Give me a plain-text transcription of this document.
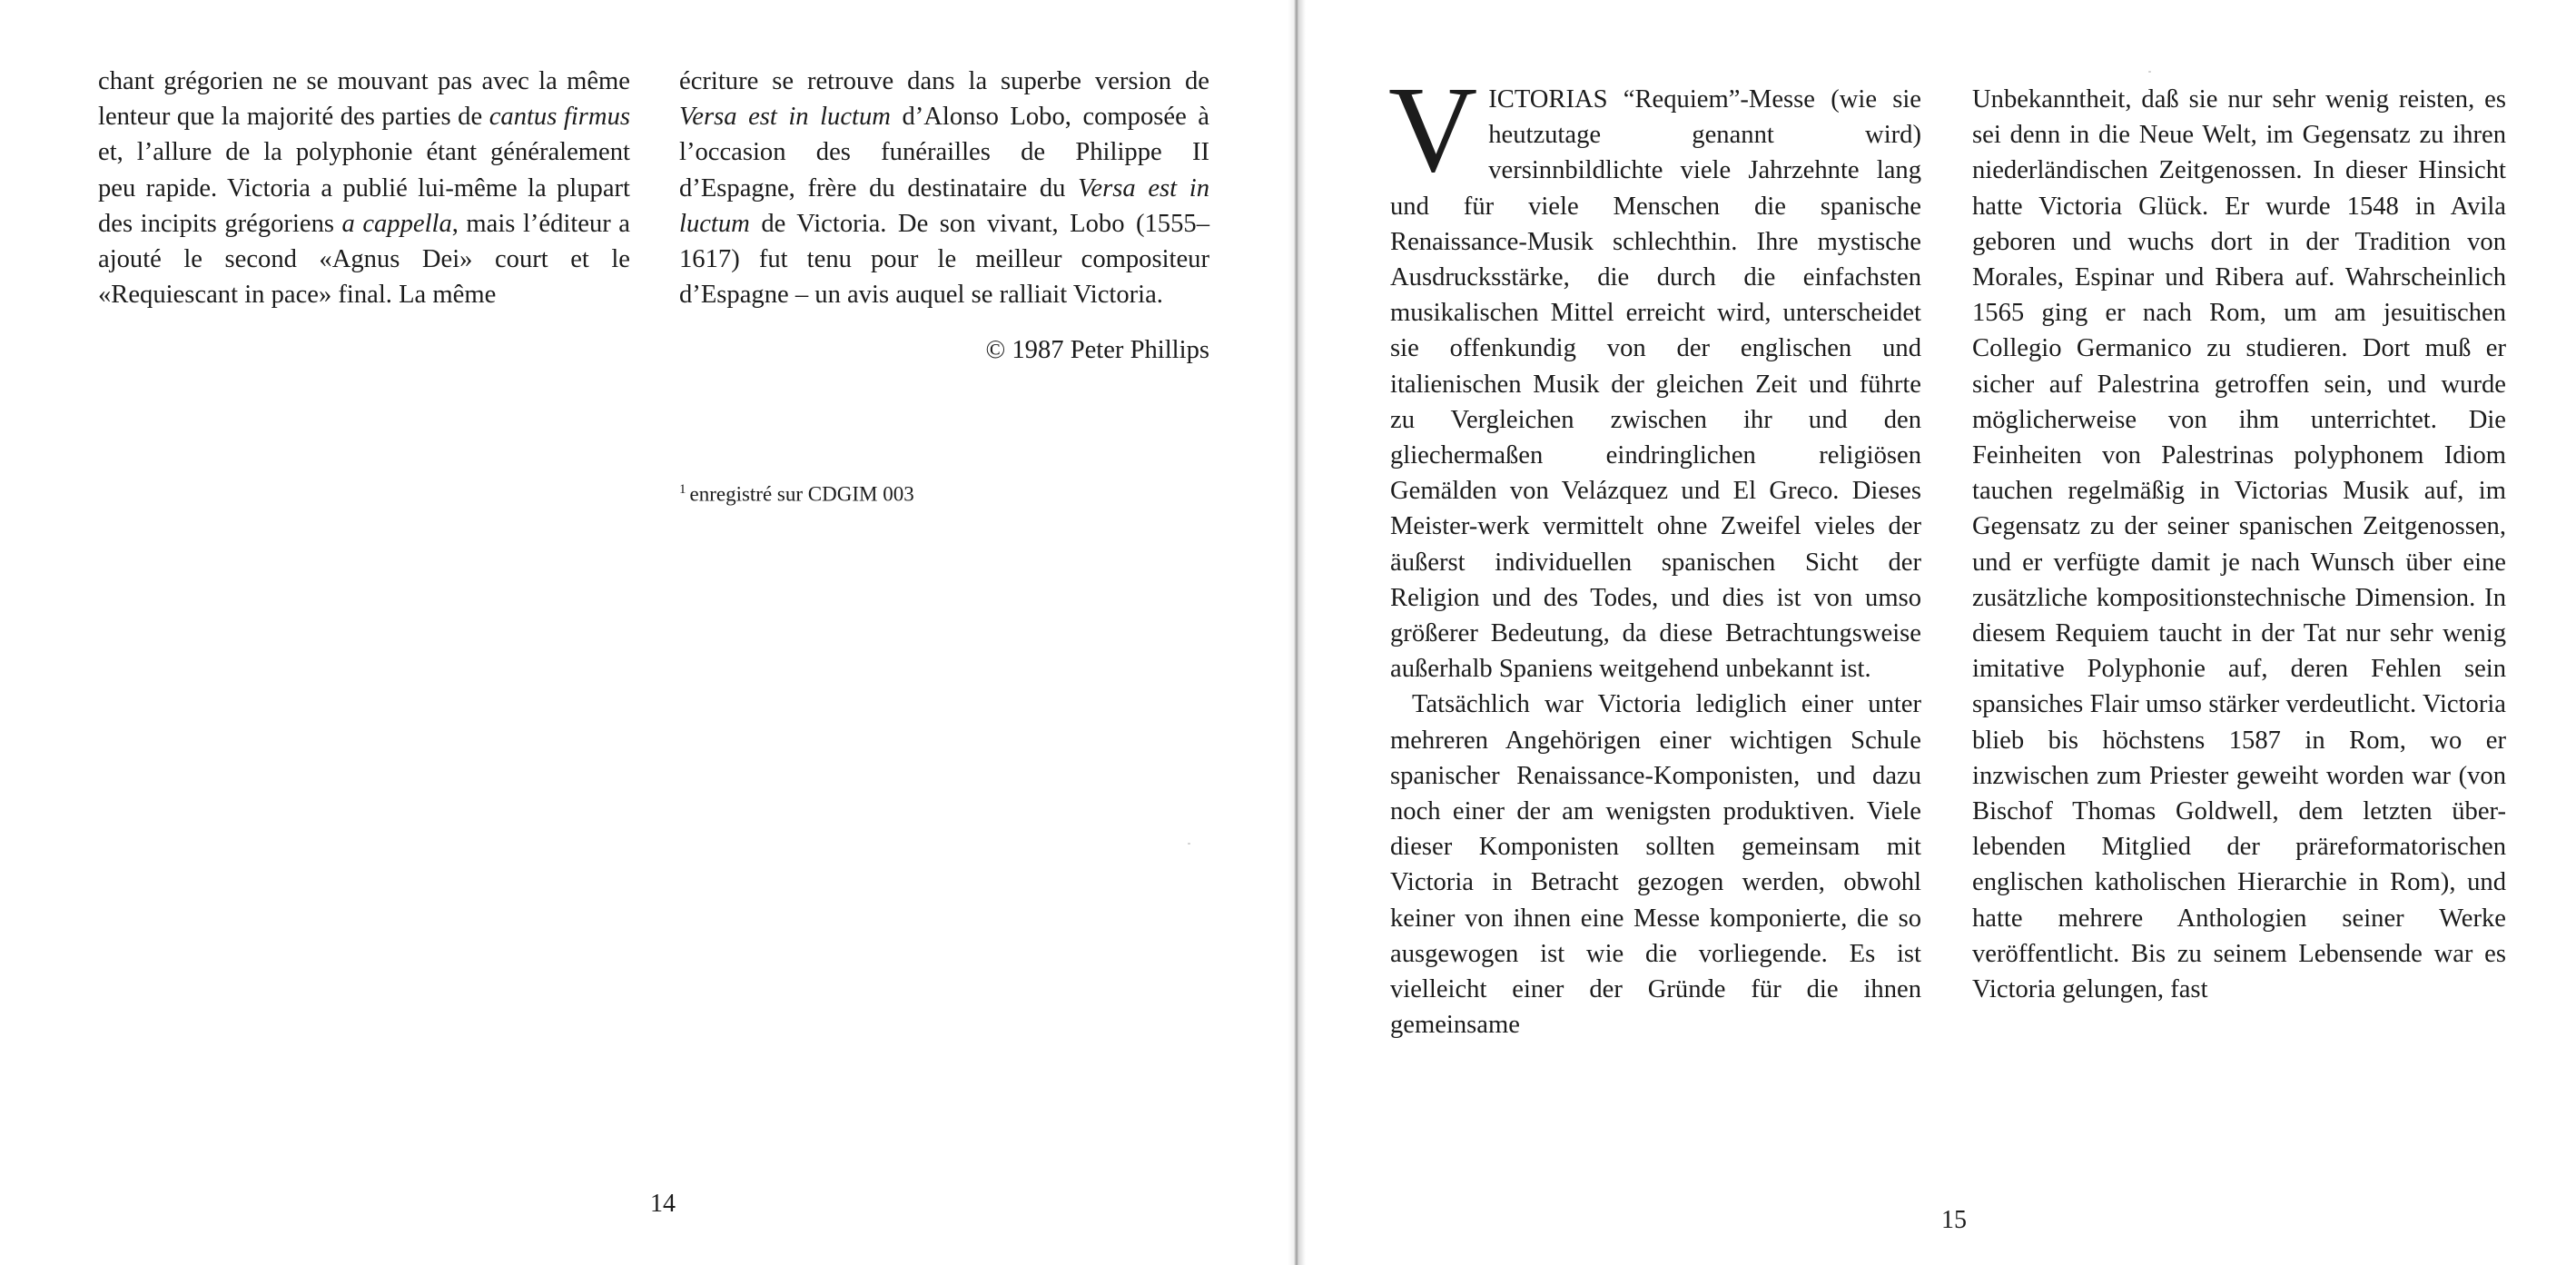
chant grégorien ne se mouvant pas avec la même lenteur que la majorité des parties de cantus firmus et, l’allure de la polyphonie étant généralement peu rapide. Victoria a publié lui-même la plupart des incipits grégoriens a cappella, mais l’éditeur a ajouté le second «Agnus Dei» court et le «Requiescant in pace» final. La même

écriture se retrouve dans la superbe version de Versa est in luctum d’Alonso Lobo, composée à l’occasion des funérailles de Philippe II d’Espagne, frère du destinataire du Versa est in luctum de Victoria. De son vivant, Lobo (1555–1617) fut tenu pour le meilleur compositeur d’Espagne – un avis auquel se ralliait Victoria.

© 1987 Peter Phillips

$^1$ enregistré sur CDGIM 003
14
15

VICTORIAS “Requiem”-Messe (wie sie heutzutage genannt wird) versinnbildlichte viele Jahrzehnte lang und für viele Menschen die spanische Renaissance-Musik schlechthin. Ihre mystische Ausdrucksstärke, die durch die einfachsten musikalischen Mittel erreicht wird, unterscheidet sie offenkundig von der englischen und italienischen Musik der gleichen Zeit und führte zu Vergleichen zwischen ihr und den gliechermaßen eindringlichen religiösen Gemälden von Velázquez und El Greco. Dieses Meister-werk vermittelt ohne Zweifel vieles der äußerst individuellen spanischen Sicht der Religion und des Todes, und dies ist von umso größerer Bedeutung, da diese Betrachtungsweise außerhalb Spaniens weitgehend unbekannt ist.

Tatsächlich war Victoria lediglich einer unter mehreren Angehörigen einer wichtigen Schule spanischer Renaissance-Komponisten, und dazu noch einer der am wenigsten produktiven. Viele dieser Komponisten sollten gemeinsam mit Victoria in Betracht gezogen werden, obwohl keiner von ihnen eine Messe komponierte, die so ausgewogen ist wie die vorliegende. Es ist vielleicht einer der Gründe für die ihnen gemeinsame

Unbekanntheit, daß sie nur sehr wenig reisten, es sei denn in die Neue Welt, im Gegensatz zu ihren niederländischen Zeitgenossen. In dieser Hinsicht hatte Victoria Glück. Er wurde 1548 in Avila geboren und wuchs dort in der Tradition von Morales, Espinar und Ribera auf. Wahrscheinlich 1565 ging er nach Rom, um am jesuitischen Collegio Germanico zu studieren. Dort muß er sicher auf Palestrina getroffen sein, und wurde möglicherweise von ihm unterrichtet. Die Feinheiten von Palestrinas polyphonem Idiom tauchen regelmäßig in Victorias Musik auf, im Gegensatz zu der seiner spanischen Zeitgenossen, und er verfügte damit je nach Wunsch über eine zusätzliche kompositionstechnische Dimension. In diesem Requiem taucht in der Tat nur sehr wenig imitative Polyphonie auf, deren Fehlen sein spansiches Flair umso stärker verdeutlicht. Victoria blieb bis höchstens 1587 in Rom, wo er inzwischen zum Priester geweiht worden war (von Bischof Thomas Goldwell, dem letzten über-lebenden Mitglied der präreformatorischen englischen katholischen Hierarchie in Rom), und hatte mehrere Anthologien seiner Werke veröffentlicht. Bis zu seinem Lebensende war es Victoria gelungen, fast
